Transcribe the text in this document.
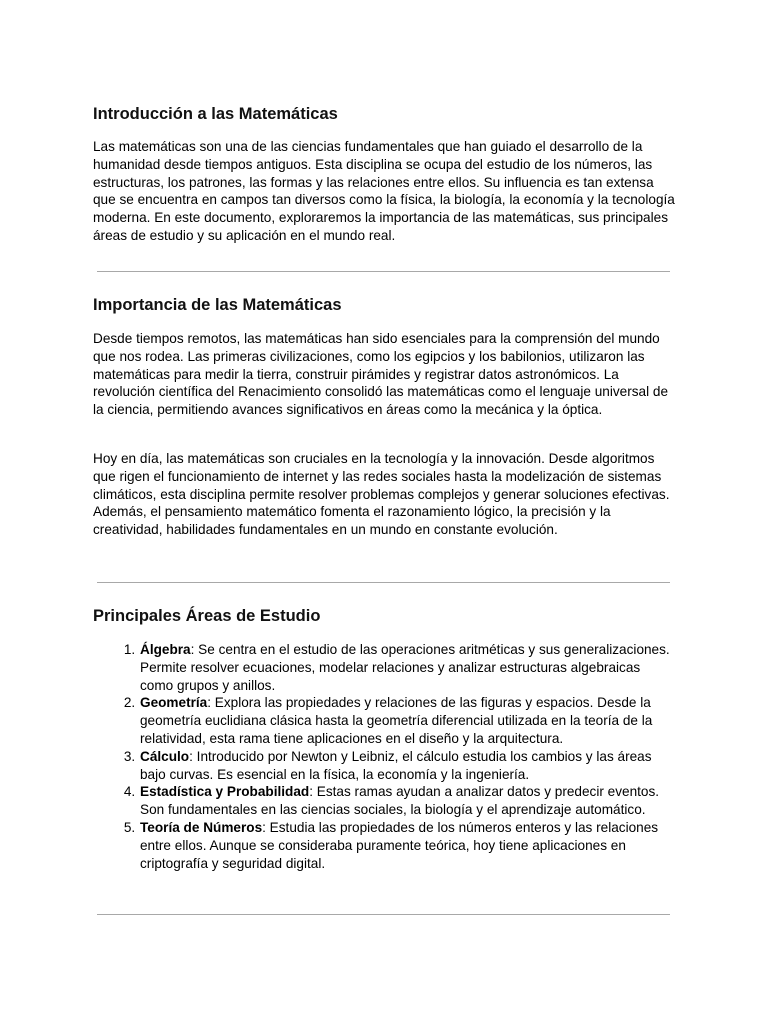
Introducción a las Matemáticas

Las matemáticas son una de las ciencias fundamentales que han guiado el desarrollo de la humanidad desde tiempos antiguos. Esta disciplina se ocupa del estudio de los números, las estructuras, los patrones, las formas y las relaciones entre ellos. Su influencia es tan extensa que se encuentra en campos tan diversos como la física, la biología, la economía y la tecnología moderna. En este documento, exploraremos la importancia de las matemáticas, sus principales áreas de estudio y su aplicación en el mundo real.

Importancia de las Matemáticas

Desde tiempos remotos, las matemáticas han sido esenciales para la comprensión del mundo que nos rodea. Las primeras civilizaciones, como los egipcios y los babilonios, utilizaron las matemáticas para medir la tierra, construir pirámides y registrar datos astronómicos. La revolución científica del Renacimiento consolidó las matemáticas como el lenguaje universal de la ciencia, permitiendo avances significativos en áreas como la mecánica y la óptica.

Hoy en día, las matemáticas son cruciales en la tecnología y la innovación. Desde algoritmos que rigen el funcionamiento de internet y las redes sociales hasta la modelización de sistemas climáticos, esta disciplina permite resolver problemas complejos y generar soluciones efectivas. Además, el pensamiento matemático fomenta el razonamiento lógico, la precisión y la creatividad, habilidades fundamentales en un mundo en constante evolución.

Principales Áreas de Estudio
1. Álgebra: Se centra en el estudio de las operaciones aritméticas y sus generalizaciones. Permite resolver ecuaciones, modelar relaciones y analizar estructuras algebraicas como grupos y anillos.
2. Geometría: Explora las propiedades y relaciones de las figuras y espacios. Desde la geometría euclidiana clásica hasta la geometría diferencial utilizada en la teoría de la relatividad, esta rama tiene aplicaciones en el diseño y la arquitectura.
3. Cálculo: Introducido por Newton y Leibniz, el cálculo estudia los cambios y las áreas bajo curvas. Es esencial en la física, la economía y la ingeniería.
4. Estadística y Probabilidad: Estas ramas ayudan a analizar datos y predecir eventos. Son fundamentales en las ciencias sociales, la biología y el aprendizaje automático.
5. Teoría de Números: Estudia las propiedades de los números enteros y las relaciones entre ellos. Aunque se consideraba puramente teórica, hoy tiene aplicaciones en criptografía y seguridad digital.
